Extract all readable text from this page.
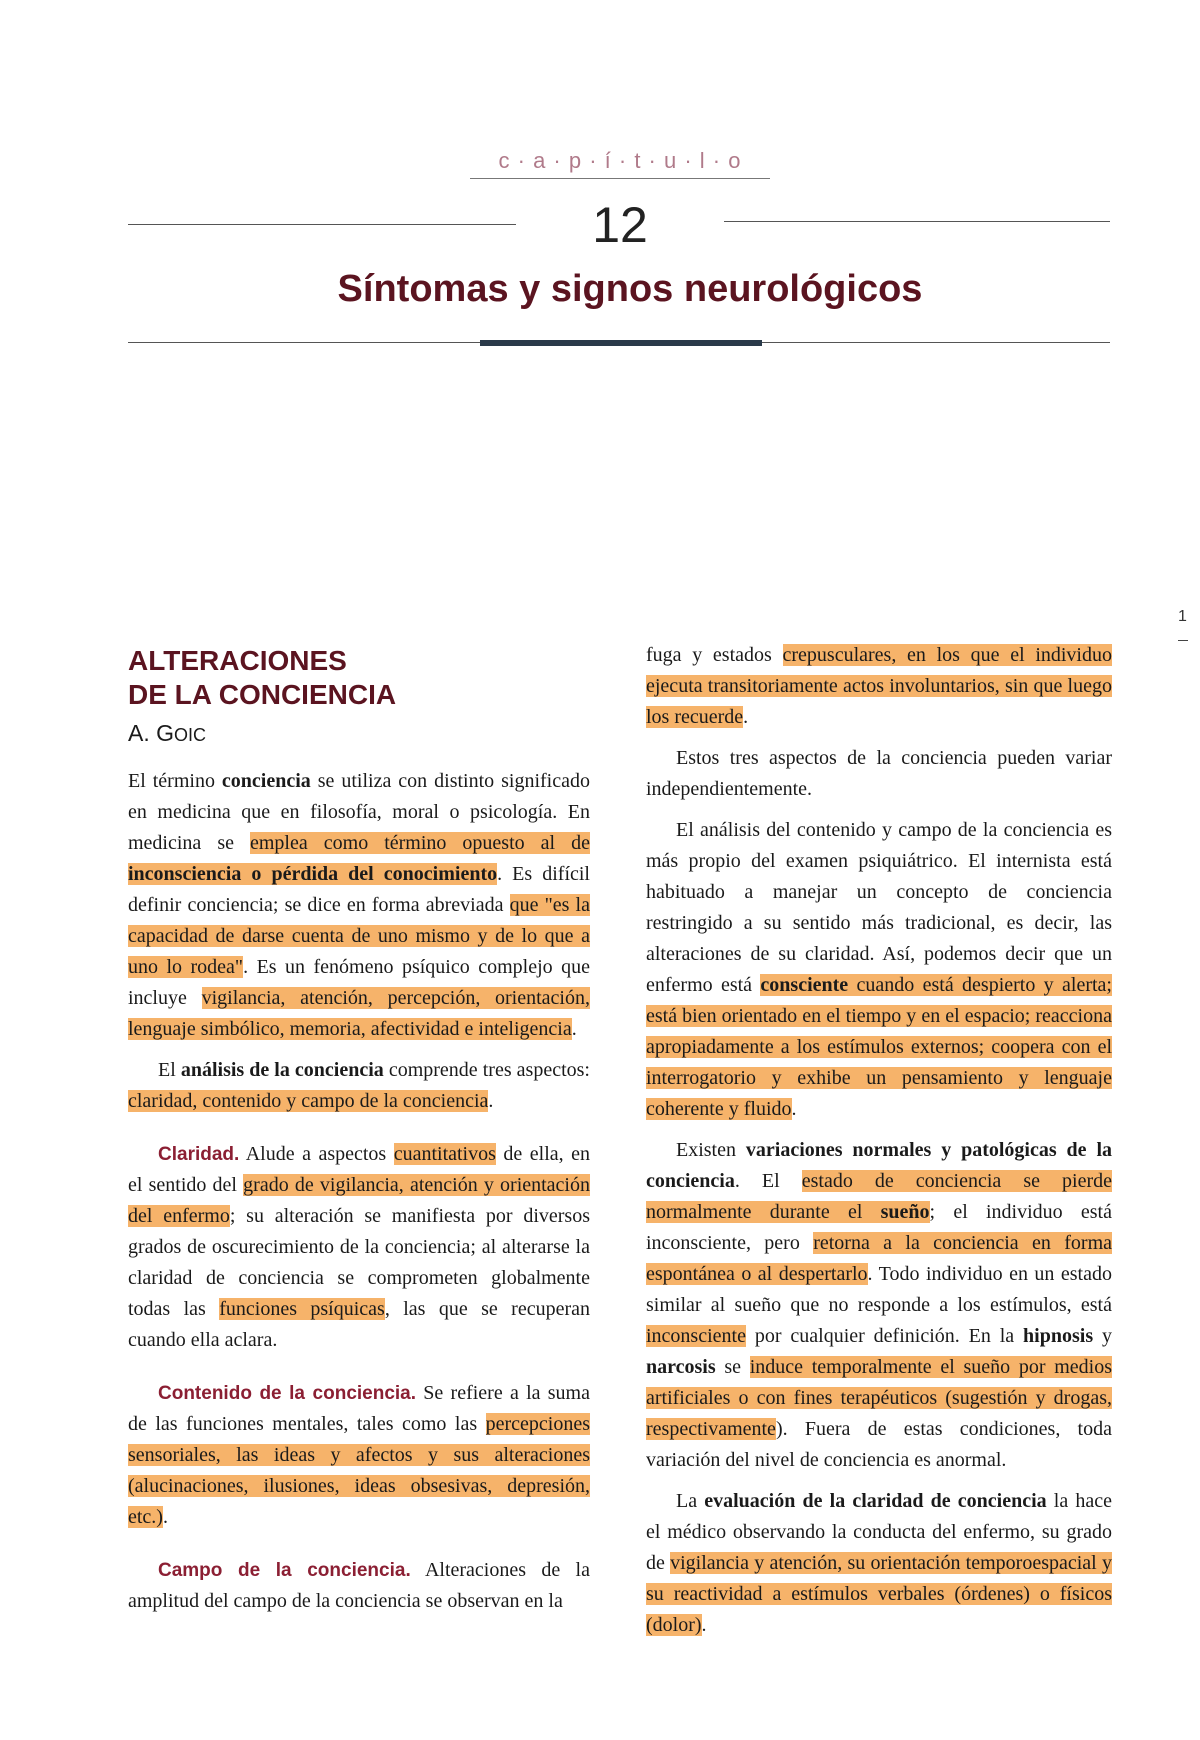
c · a · p · í · t · u · l · o
12
Síntomas y signos neurológicos
1
ALTERACIONES
DE LA CONCIENCIA
A. GOIC

El término conciencia se utiliza con distinto significado en medicina que en filosofía, moral o psicología. En medicina se emplea como término opuesto al de inconsciencia o pérdida del conocimiento. Es difícil definir conciencia; se dice en forma abreviada que "es la capacidad de darse cuenta de uno mismo y de lo que a uno lo rodea". Es un fenómeno psíquico complejo que incluye vigilancia, atención, percepción, orientación, lenguaje simbólico, memoria, afectividad e inteligencia.

El análisis de la conciencia comprende tres aspectos: claridad, contenido y campo de la conciencia.

Claridad. Alude a aspectos cuantitativos de ella, en el sentido del grado de vigilancia, atención y orientación del enfermo; su alteración se manifiesta por diversos grados de oscurecimiento de la conciencia; al alterarse la claridad de conciencia se comprometen globalmente todas las funciones psíquicas, las que se recuperan cuando ella aclara.

Contenido de la conciencia. Se refiere a la suma de las funciones mentales, tales como las percepciones sensoriales, las ideas y afectos y sus alteraciones (alucinaciones, ilusiones, ideas obsesivas, depresión, etc.).

Campo de la conciencia. Alteraciones de la amplitud del campo de la conciencia se observan en la

fuga y estados crepusculares, en los que el individuo ejecuta transitoriamente actos involuntarios, sin que luego los recuerde.

Estos tres aspectos de la conciencia pueden variar independientemente.

El análisis del contenido y campo de la conciencia es más propio del examen psiquiátrico. El internista está habituado a manejar un concepto de conciencia restringido a su sentido más tradicional, es decir, las alteraciones de su claridad. Así, podemos decir que un enfermo está consciente cuando está despierto y alerta; está bien orientado en el tiempo y en el espacio; reacciona apropiadamente a los estímulos externos; coopera con el interrogatorio y exhibe un pensamiento y lenguaje coherente y fluido.

Existen variaciones normales y patológicas de la conciencia. El estado de conciencia se pierde normalmente durante el sueño; el individuo está inconsciente, pero retorna a la conciencia en forma espontánea o al despertarlo. Todo individuo en un estado similar al sueño que no responde a los estímulos, está inconsciente por cualquier definición. En la hipnosis y narcosis se induce temporalmente el sueño por medios artificiales o con fines terapéuticos (sugestión y drogas, respectivamente). Fuera de estas condiciones, toda variación del nivel de conciencia es anormal.

La evaluación de la claridad de conciencia la hace el médico observando la conducta del enfermo, su grado de vigilancia y atención, su orientación temporoespacial y su reactividad a estímulos verbales (órdenes) o físicos (dolor).
